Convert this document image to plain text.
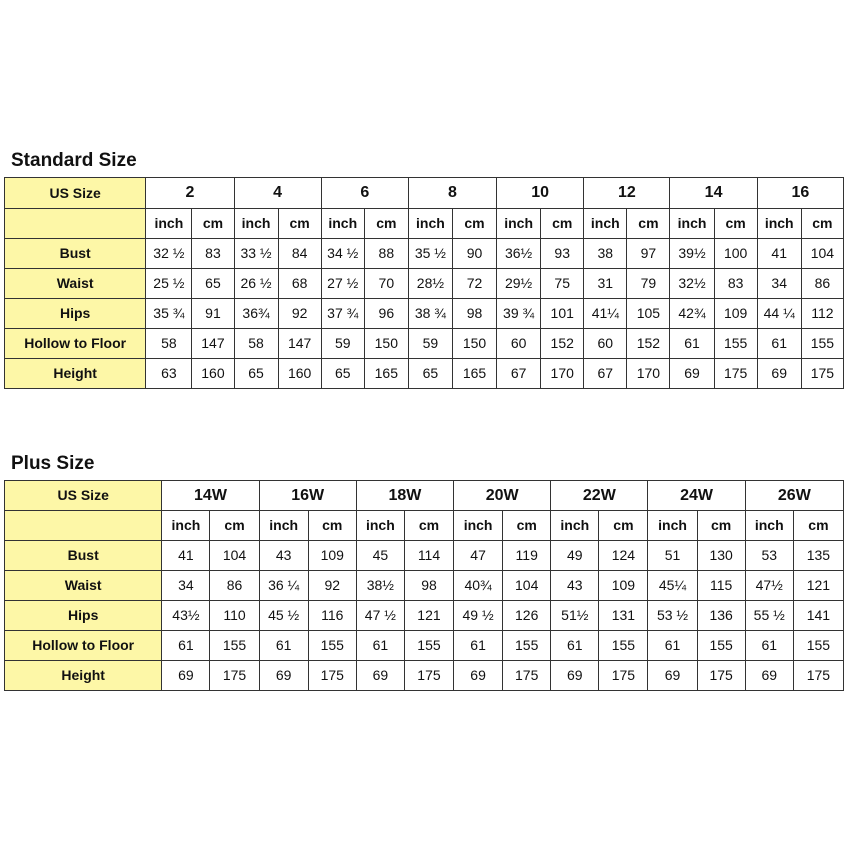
Standard Size
US Size	2		4		6		8		10		12		14		16	
	inch	cm	inch	cm	inch	cm	inch	cm	inch	cm	inch	cm	inch	cm	inch	cm
Bust	32 ½	83	33 ½	84	34 ½	88	35 ½	90	36½	93	38	97	39½	100	41	104
Waist	25 ½	65	26 ½	68	27 ½	70	28½	72	29½	75	31	79	32½	83	34	86
Hips	35 ¾	91	36¾	92	37 ¾	96	38 ¾	98	39 ¾	101	41¼	105	42¾	109	44 ¼	112
Hollow to Floor	58	147	58	147	59	150	59	150	60	152	60	152	61	155	61	155
Height	63	160	65	160	65	165	65	165	67	170	67	170	69	175	69	175
Plus Size
US Size	14W		16W		18W		20W		22W		24W		26W	
	inch	cm	inch	cm	inch	cm	inch	cm	inch	cm	inch	cm	inch	cm
Bust	41	104	43	109	45	114	47	119	49	124	51	130	53	135
Waist	34	86	36 ¼	92	38½	98	40¾	104	43	109	45¼	115	47½	121
Hips	43½	110	45 ½	116	47 ½	121	49 ½	126	51½	131	53 ½	136	55 ½	141
Hollow to Floor	61	155	61	155	61	155	61	155	61	155	61	155	61	155
Height	69	175	69	175	69	175	69	175	69	175	69	175	69	175
